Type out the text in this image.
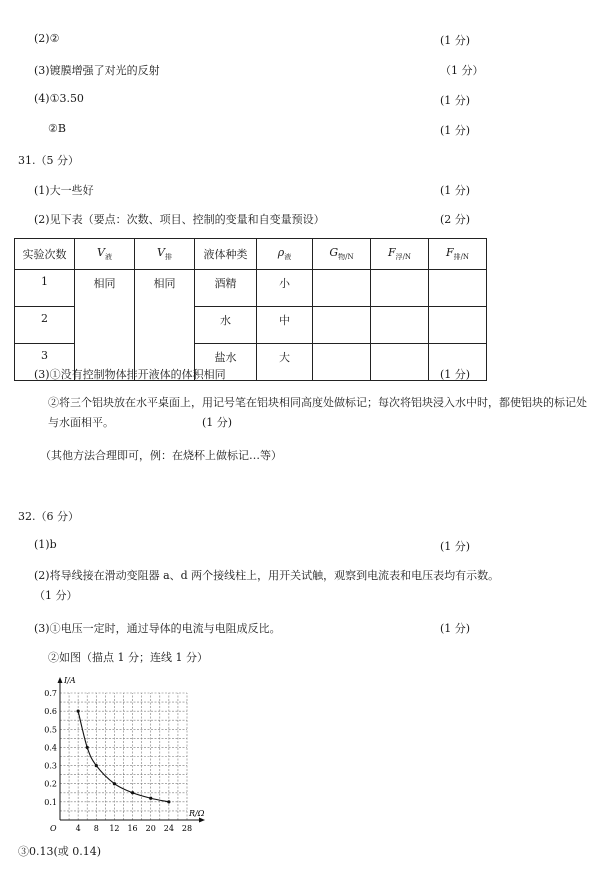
(2)②	(1 分)
(3)镀膜增强了对光的反射	（1 分）
(4)①3.50	(1 分)
②B	(1 分)
31.（5 分）
(1)大一些好	(1 分)
(2)见下表（要点：次数、项目、控制的变量和自变量预设）	(2 分)
实验次数	$V_液$	$V_排$	液体种类	$\rho_液$	$G_{物/N}$	$F_{浮/N}$	$F_{排/N}$
1	相同	相同	酒精	小			
2			水	中			
3			盐水	大			
(3)①没有控制物体排开液体的体积相同	(1 分)
②将三个铝块放在水平桌面上，用记号笔在铝块相同高度处做标记；每次将铝块浸入水中时，都使铝块的标记处与水面相平。	(1 分)
（其他方法合理即可，例：在烧杯上做标记…等）
32.（6 分）
(1)b	(1 分)
(2)将导线接在滑动变阻器 a、d 两个接线柱上，用开关试触，观察到电流表和电压表均有示数。
（1 分）
(3)①电压一定时，通过导体的电流与电阻成反比。	(1 分)
②如图（描点 1 分；连线 1 分）
4 8 12 16 20 24 28
0.1
0.2
0.3
0.4
0.5
0.6
0.7
I/A
R/Ω
O
③0.13(或 0.14)
